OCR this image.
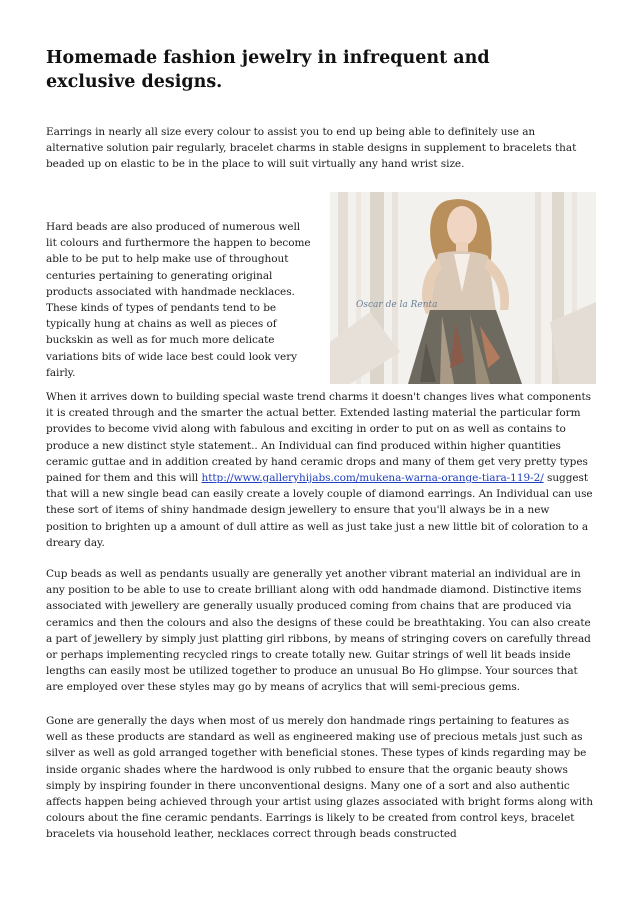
Homemade fashion jewelry in infrequent and exclusive designs.

Earrings in nearly all size every colour to assist you to end up being able to definitely use an alternative solution pair regularly, bracelet charms in stable designs in supplement to bracelets that beaded up on elastic to be in the place to will suit virtually any hand wrist size.

Oscar de la Renta

Hard beads are also produced of numerous well lit colours and furthermore the happen to become able to be put to help make use of throughout centuries pertaining to generating original products associated with handmade necklaces. These kinds of types of pendants tend to be typically hung at chains as well as pieces of buckskin as well as for much more delicate variations bits of wide lace best could look very fairly.

When it arrives down to building special waste trend charms it doesn't changes lives what components it is created through and the smarter the actual better. Extended lasting material the particular form provides to become vivid along with fabulous and exciting in order to put on as well as contains to produce a new distinct style statement.. An Individual can find produced within higher quantities ceramic guttae and in addition created by hand ceramic drops and many of them get very pretty types pained for them and this will http://www.galleryhijabs.com/mukena-warna-orange-tiara-119-2/ suggest that will a new single bead can easily create a lovely couple of diamond earrings. An Individual can use these sort of items of shiny handmade design jewellery to ensure that you'll always be in a new position to brighten up a amount of dull attire as well as just take just a new little bit of coloration to a dreary day.

Cup beads as well as pendants usually are generally yet another vibrant material an individual are in any position to be able to use to create brilliant along with odd handmade diamond. Distinctive items associated with jewellery are generally usually produced coming from chains that are produced via ceramics and then the colours and also the designs of these could be breathtaking. You can also create a part of jewellery by simply just platting girl ribbons, by means of stringing covers on carefully thread or perhaps implementing recycled rings to create totally new. Guitar strings of well lit beads inside lengths can easily most be utilized together to produce an unusual Bo Ho glimpse. Your sources that are employed over these styles may go by means of acrylics that will semi-precious gems.

Gone are generally the days when most of us merely don handmade rings pertaining to features as well as these products are standard as well as engineered making use of precious metals just such as silver as well as gold arranged together with beneficial stones. These types of kinds regarding may be inside organic shades where the hardwood is only rubbed to ensure that the organic beauty shows simply by inspiring founder in there unconventional designs. Many one of a sort and also authentic affects happen being achieved through your artist using glazes associated with bright forms along with colours about the fine ceramic pendants. Earrings is likely to be created from control keys, bracelet bracelets via household leather, necklaces correct through beads constructed
